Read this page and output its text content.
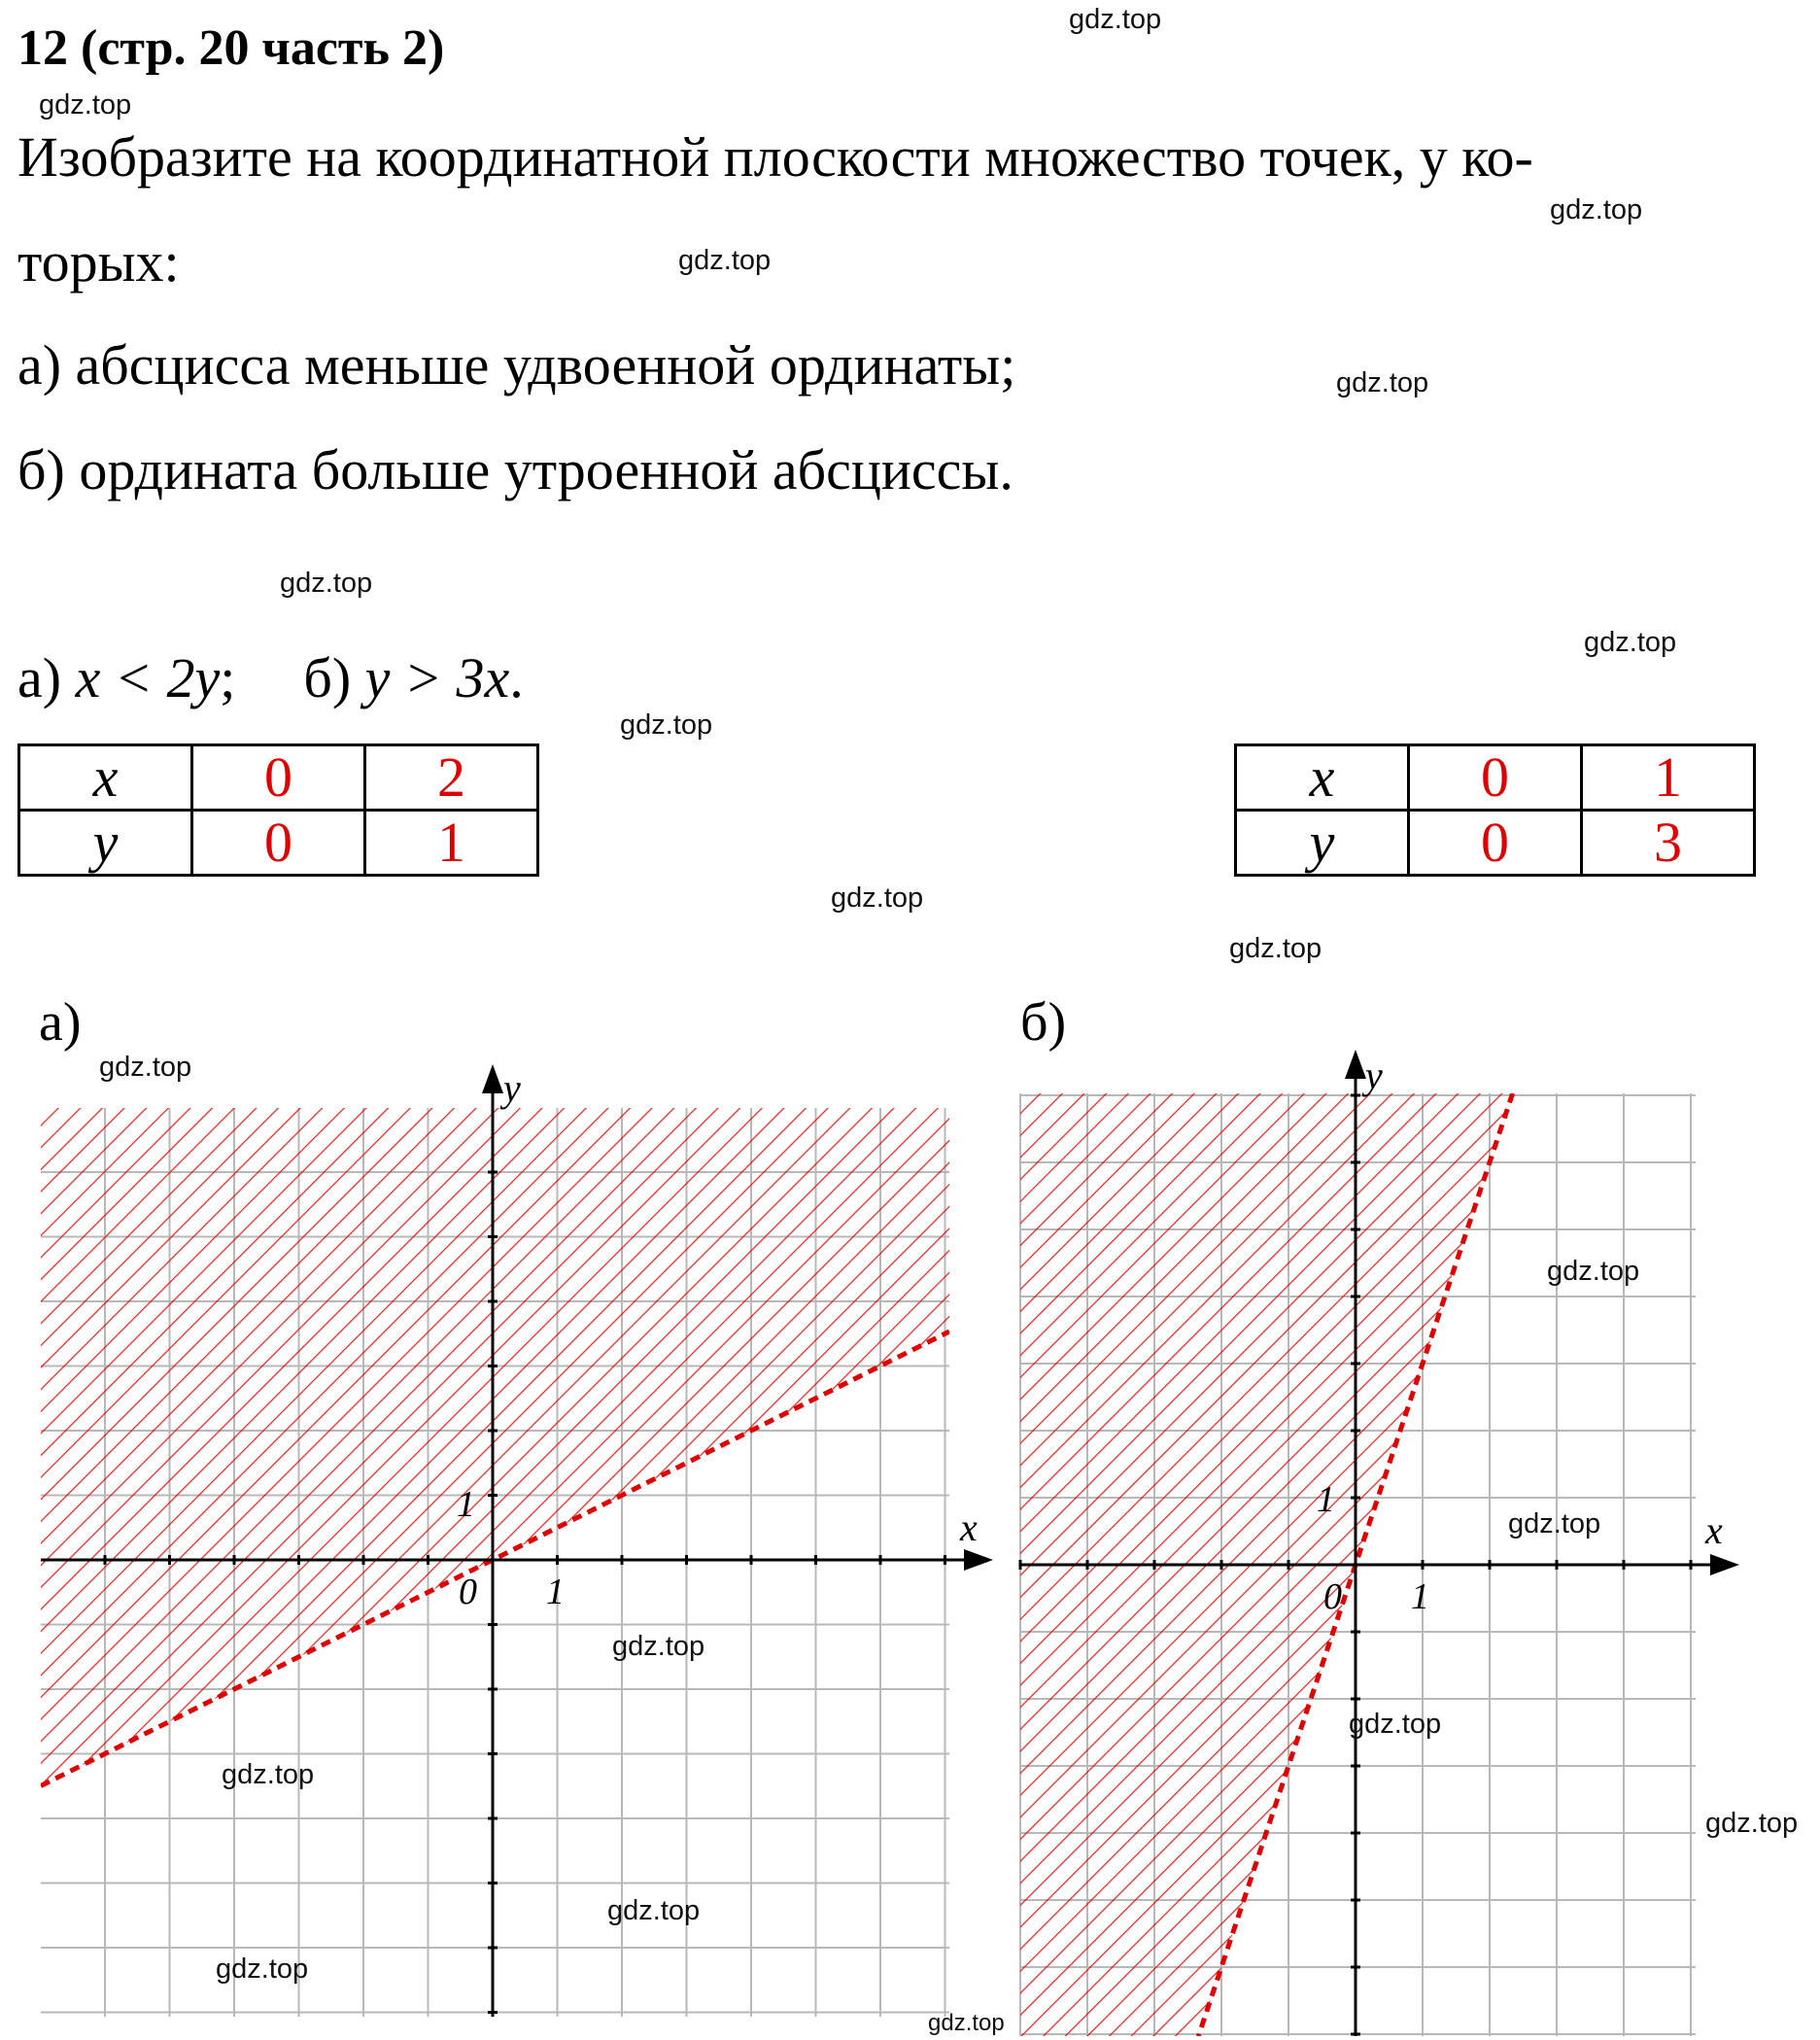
12 (стр. 20 часть 2)
Изобразите на координатной плоскости множество точек, у ко-
торых:
а) абсцисса меньше удвоенной ординаты;
б) ордината больше утроенной абсциссы.
а) x < 2y; б) y > 3x.
x	0	2
y	0	1
x	0	1
y	0	3
а)	б)
x
y
0 1
1
x
y
0 1
1
gdz.top
gdz.top
gdz.top
gdz.top
gdz.top
gdz.top
gdz.top
gdz.top
gdz.top
gdz.top
gdz.top
gdz.top
gdz.top
gdz.top
gdz.top
gdz.top
gdz.top
gdz.top
gdz.top
gdz.top
